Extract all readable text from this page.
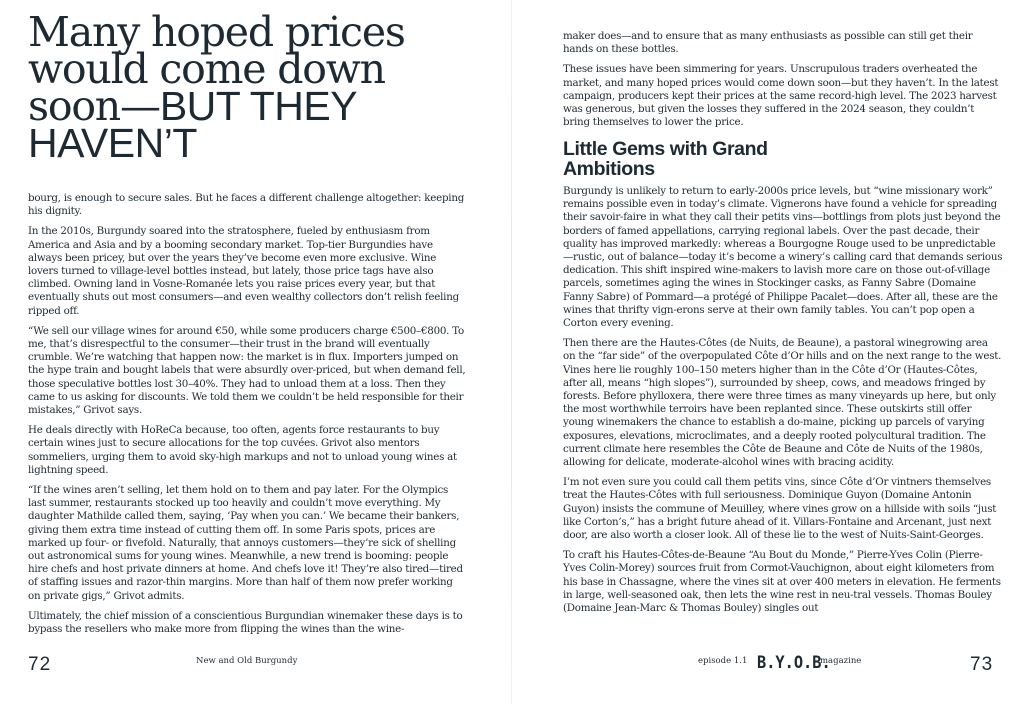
Many hoped prices would come down soon—BUT THEY HAVEN’T

bourg, is enough to secure sales. But he faces a different challenge altogether: keeping his dignity.

In the 2010s, Burgundy soared into the stratosphere, fueled by enthusiasm from America and Asia and by a booming secondary market. Top-tier Burgundies have always been pricey, but over the years they’ve become even more exclusive. Wine lovers turned to village-level bottles instead, but lately, those price tags have also climbed. Owning land in Vosne-Romanée lets you raise prices every year, but that eventually shuts out most consumers—and even wealthy collectors don’t relish feeling ripped off.

“We sell our village wines for around €50, while some producers charge €500–€800. To me, that’s disrespectful to the consumer—their trust in the brand will eventually crumble. We’re watching that happen now: the market is in flux. Importers jumped on the hype train and bought labels that were absurdly over-priced, but when demand fell, those speculative bottles lost 30–40%. They had to unload them at a loss. Then they came to us asking for discounts. We told them we couldn’t be held responsible for their mistakes,” Grivot says.

He deals directly with HoReCa because, too often, agents force restaurants to buy certain wines just to secure allocations for the top cuvées. Grivot also mentors sommeliers, urging them to avoid sky-high markups and not to unload young wines at lightning speed.

“If the wines aren’t selling, let them hold on to them and pay later. For the Olympics last summer, restaurants stocked up too heavily and couldn’t move everything. My daughter Mathilde called them, saying, ‘Pay when you can.’ We became their bankers, giving them extra time instead of cutting them off. In some Paris spots, prices are marked up four- or fivefold. Naturally, that annoys customers—they’re sick of shelling out astronomical sums for young wines. Meanwhile, a new trend is booming: people hire chefs and host private dinners at home. And chefs love it! They’re also tired—tired of staffing issues and razor-thin margins. More than half of them now prefer working on private gigs,” Grivot admits.

Ultimately, the chief mission of a conscientious Burgundian winemaker these days is to bypass the resellers who make more from flipping the wines than the wine-

maker does—and to ensure that as many enthusiasts as possible can still get their hands on these bottles.

These issues have been simmering for years. Unscrupulous traders overheated the market, and many hoped prices would come down soon—but they haven’t. In the latest campaign, producers kept their prices at the same record-high level. The 2023 harvest was generous, but given the losses they suffered in the 2024 season, they couldn’t bring themselves to lower the price.

Little Gems with Grand Ambitions

Burgundy is unlikely to return to early-2000s price levels, but “wine missionary work” remains possible even in today’s climate. Vignerons have found a vehicle for spreading their savoir-faire in what they call their petits vins—bottlings from plots just beyond the borders of famed appellations, carrying regional labels. Over the past decade, their quality has improved markedly: whereas a Bourgogne Rouge used to be unpredictable—rustic, out of balance—today it’s become a winery’s calling card that demands serious dedication. This shift inspired wine-makers to lavish more care on those out-of-village parcels, sometimes aging the wines in Stockinger casks, as Fanny Sabre (Domaine Fanny Sabre) of Pommard—a protégé of Philippe Pacalet—does. After all, these are the wines that thrifty vign-erons serve at their own family tables. You can’t pop open a Corton every evening.

Then there are the Hautes-Côtes (de Nuits, de Beaune), a pastoral winegrowing area on the “far side” of the overpopulated Côte d’Or hills and on the next range to the west. Vines here lie roughly 100–150 meters higher than in the Côte d’Or (Hautes-Côtes, after all, means “high slopes”), surrounded by sheep, cows, and meadows fringed by forests. Before phylloxera, there were three times as many vineyards up here, but only the most worthwhile terroirs have been replanted since. These outskirts still offer young winemakers the chance to establish a do-maine, picking up parcels of varying exposures, elevations, microclimates, and a deeply rooted polycultural tradition. The current climate here resembles the Côte de Beaune and Côte de Nuits of the 1980s, allowing for delicate, moderate-alcohol wines with bracing acidity.

I’m not even sure you could call them petits vins, since Côte d’Or vintners themselves treat the Hautes-Côtes with full seriousness. Dominique Guyon (Domaine Antonin Guyon) insists the commune of Meuilley, where vines grow on a hillside with soils “just like Corton’s,” has a bright future ahead of it. Villars-Fontaine and Arcenant, just next door, are also worth a closer look. All of these lie to the west of Nuits-Saint-Georges.

To craft his Hautes-Côtes-de-Beaune “Au Bout du Monde,” Pierre-Yves Colin (Pierre-Yves Colin-Morey) sources fruit from Cormot-Vauchignon, about eight kilometers from his base in Chassagne, where the vines sit at over 400 meters in elevation. He ferments in large, well-seasoned oak, then lets the wine rest in neu-tral vessels. Thomas Bouley (Domaine Jean-Marc & Thomas Bouley) singles out

72	New and Old Burgundy	episode 1.1 B.Y.O.B.
magazine	73
